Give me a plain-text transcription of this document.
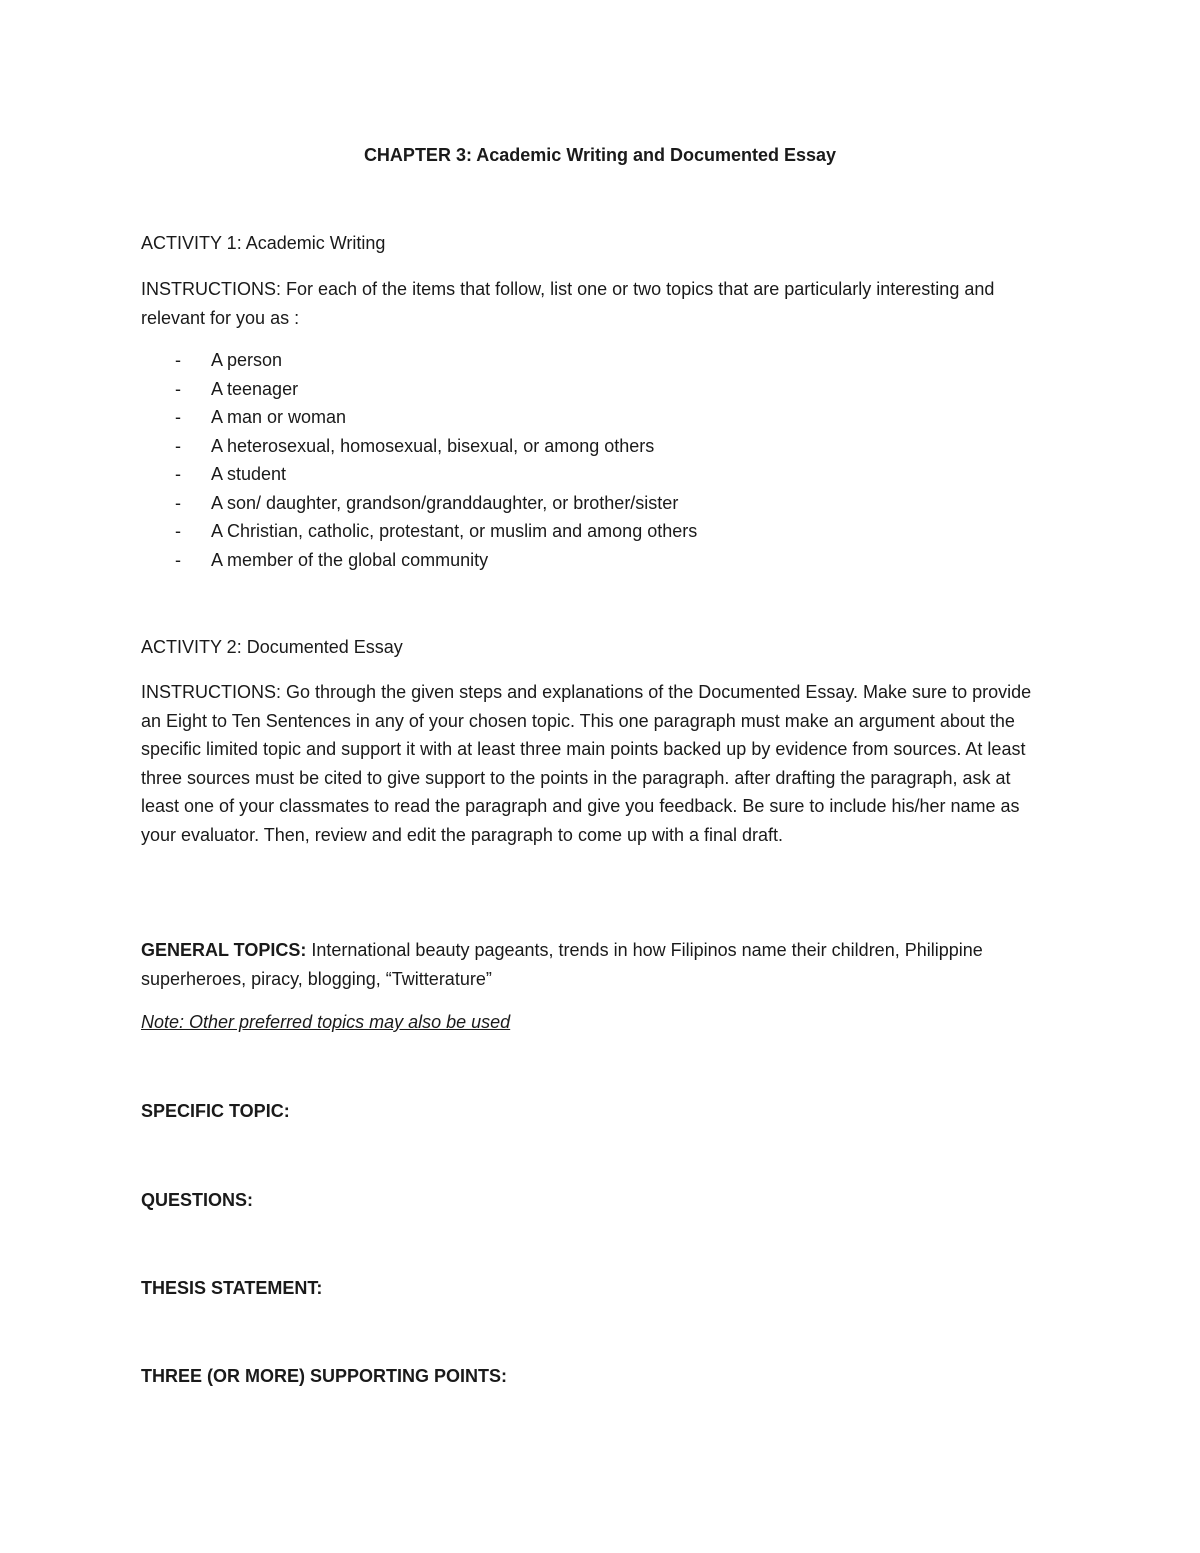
CHAPTER 3: Academic Writing and Documented Essay
ACTIVITY 1: Academic Writing
INSTRUCTIONS: For each of the items that follow, list one or two topics that are particularly interesting and relevant for you as :
-	A person
-	A teenager
-	A man or woman
-	A heterosexual, homosexual, bisexual, or among others
-	A student
-	A son/ daughter, grandson/granddaughter, or brother/sister
-	A Christian, catholic, protestant, or muslim and among others
-	A member of the global community
ACTIVITY 2: Documented Essay
INSTRUCTIONS: Go through the given steps and explanations of the Documented Essay. Make sure to provide an Eight to Ten Sentences in any of your chosen topic. This one paragraph must make an argument about the specific limited topic and support it with at least three main points backed up by evidence from sources. At least three sources must be cited to give support to the points in the paragraph. after drafting the paragraph, ask at least one of your classmates to read the paragraph and give you feedback. Be sure to include his/her name as your evaluator. Then, review and edit the paragraph to come up with a final draft.
GENERAL TOPICS: International beauty pageants, trends in how Filipinos name their children, Philippine superheroes, piracy, blogging, “Twitterature”
Note: Other preferred topics may also be used
SPECIFIC TOPIC:
QUESTIONS:
THESIS STATEMENT:
THREE (OR MORE) SUPPORTING POINTS:
